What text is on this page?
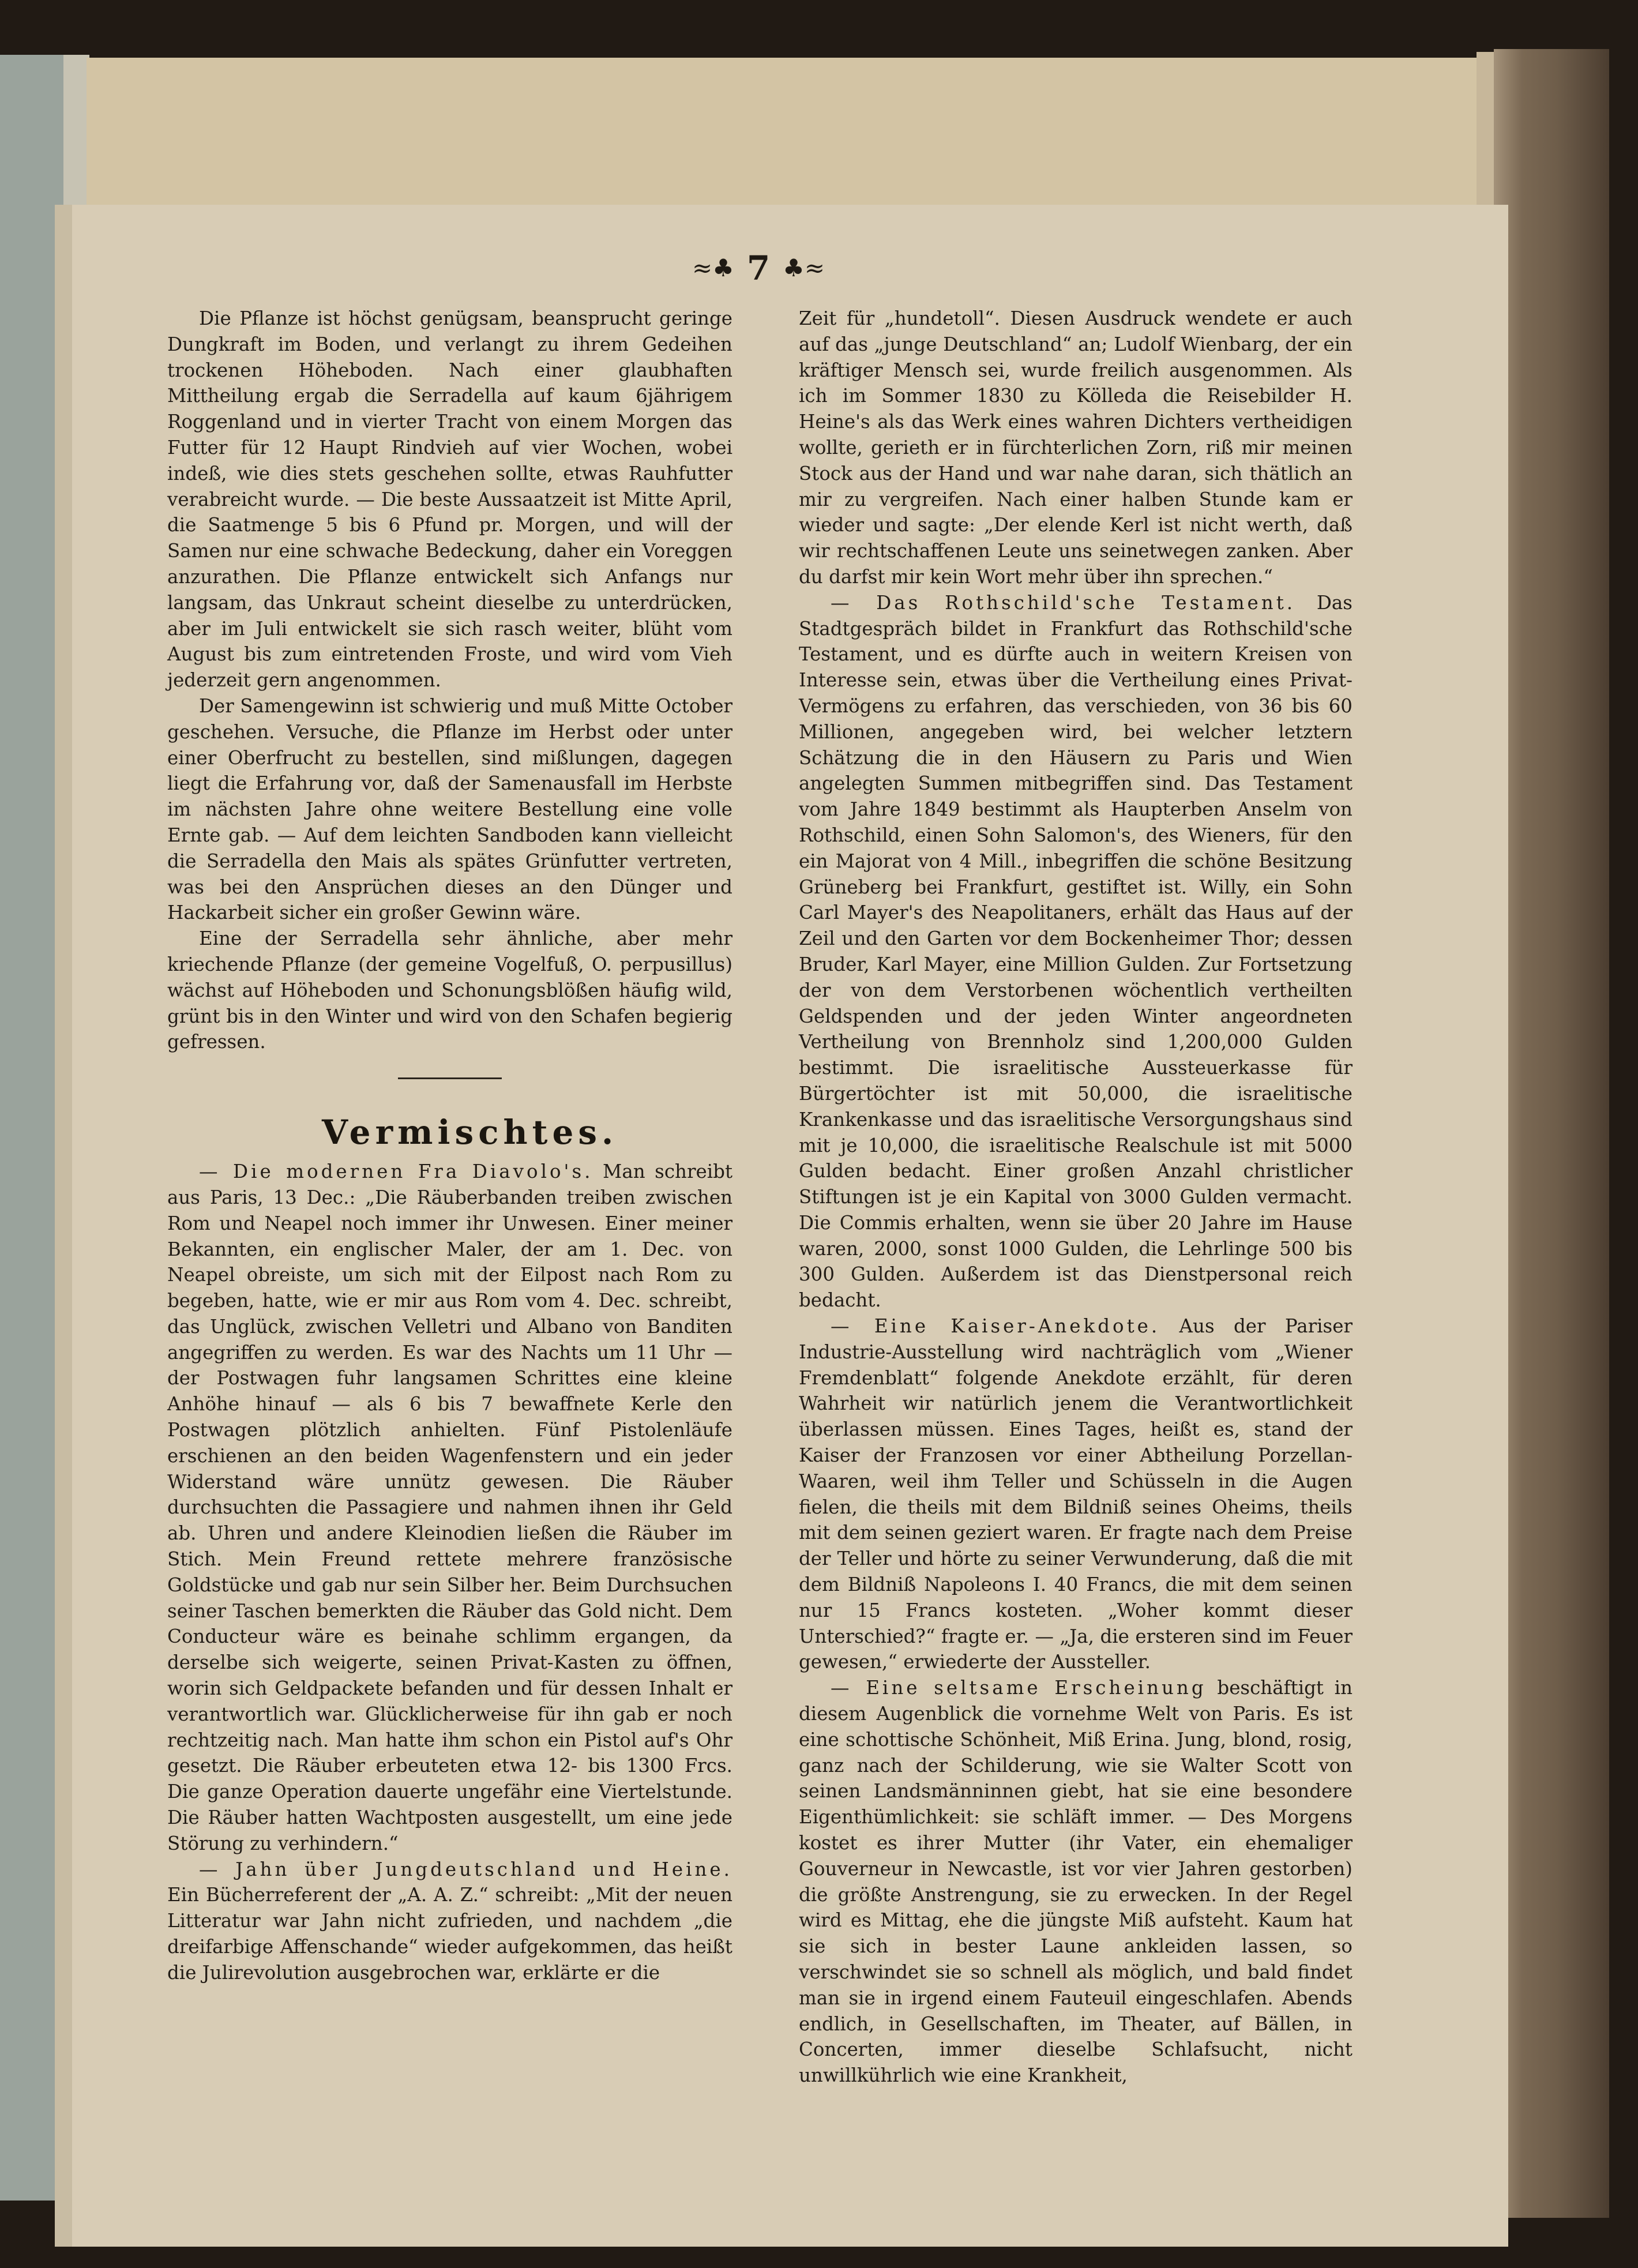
≈♣ 7 ♣≈

Die Pflanze ist höchst genügsam, beansprucht geringe Dungkraft im Boden, und verlangt zu ihrem Gedeihen trockenen Höheboden. Nach einer glaubhaften Mittheilung ergab die Serradella auf kaum 6jährigem Roggenland und in vierter Tracht von einem Morgen das Futter für 12 Haupt Rindvieh auf vier Wochen, wobei indeß, wie dies stets geschehen sollte, etwas Rauhfutter verabreicht wurde. — Die beste Aussaatzeit ist Mitte April, die Saatmenge 5 bis 6 Pfund pr. Morgen, und will der Samen nur eine schwache Bedeckung, daher ein Voreggen anzurathen. Die Pflanze entwickelt sich Anfangs nur langsam, das Unkraut scheint dieselbe zu unterdrücken, aber im Juli entwickelt sie sich rasch weiter, blüht vom August bis zum eintretenden Froste, und wird vom Vieh jederzeit gern angenommen.

Der Samengewinn ist schwierig und muß Mitte October geschehen. Versuche, die Pflanze im Herbst oder unter einer Oberfrucht zu bestellen, sind mißlungen, dagegen liegt die Erfahrung vor, daß der Samenausfall im Herbste im nächsten Jahre ohne weitere Bestellung eine volle Ernte gab. — Auf dem leichten Sandboden kann vielleicht die Serradella den Mais als spätes Grünfutter vertreten, was bei den Ansprüchen dieses an den Dünger und Hackarbeit sicher ein großer Gewinn wäre.

Eine der Serradella sehr ähnliche, aber mehr kriechende Pflanze (der gemeine Vogelfuß, O. perpusillus) wächst auf Höheboden und Schonungsblößen häufig wild, grünt bis in den Winter und wird von den Schafen begierig gefressen.

Vermischtes.

— Die modernen Fra Diavolo's. Man schreibt aus Paris, 13 Dec.: „Die Räuberbanden treiben zwischen Rom und Neapel noch immer ihr Unwesen. Einer meiner Bekannten, ein englischer Maler, der am 1. Dec. von Neapel obreiste, um sich mit der Eilpost nach Rom zu begeben, hatte, wie er mir aus Rom vom 4. Dec. schreibt, das Unglück, zwischen Velletri und Albano von Banditen angegriffen zu werden. Es war des Nachts um 11 Uhr — der Postwagen fuhr langsamen Schrittes eine kleine Anhöhe hinauf — als 6 bis 7 bewaffnete Kerle den Postwagen plötzlich anhielten. Fünf Pistolenläufe erschienen an den beiden Wagenfenstern und ein jeder Widerstand wäre unnütz gewesen. Die Räuber durchsuchten die Passagiere und nahmen ihnen ihr Geld ab. Uhren und andere Kleinodien ließen die Räuber im Stich. Mein Freund rettete mehrere französische Goldstücke und gab nur sein Silber her. Beim Durchsuchen seiner Taschen bemerkten die Räuber das Gold nicht. Dem Conducteur wäre es beinahe schlimm ergangen, da derselbe sich weigerte, seinen Privat-Kasten zu öffnen, worin sich Geldpackete befanden und für dessen Inhalt er verantwortlich war. Glücklicherweise für ihn gab er noch rechtzeitig nach. Man hatte ihm schon ein Pistol auf's Ohr gesetzt. Die Räuber erbeuteten etwa 12- bis 1300 Frcs. Die ganze Operation dauerte ungefähr eine Viertelstunde. Die Räuber hatten Wachtposten ausgestellt, um eine jede Störung zu verhindern.“

— Jahn über Jungdeutschland und Heine. Ein Bücherreferent der „A. A. Z.“ schreibt: „Mit der neuen Litteratur war Jahn nicht zufrieden, und nachdem „die dreifarbige Affenschande“ wieder aufgekommen, das heißt die Julirevolution ausgebrochen war, erklärte er die

Zeit für „hundetoll“. Diesen Ausdruck wendete er auch auf das „junge Deutschland“ an; Ludolf Wienbarg, der ein kräftiger Mensch sei, wurde freilich ausgenommen. Als ich im Sommer 1830 zu Kölleda die Reisebilder H. Heine's als das Werk eines wahren Dichters vertheidigen wollte, gerieth er in fürchterlichen Zorn, riß mir meinen Stock aus der Hand und war nahe daran, sich thätlich an mir zu vergreifen. Nach einer halben Stunde kam er wieder und sagte: „Der elende Kerl ist nicht werth, daß wir rechtschaffenen Leute uns seinetwegen zanken. Aber du darfst mir kein Wort mehr über ihn sprechen.“

— Das Rothschild'sche Testament. Das Stadtgespräch bildet in Frankfurt das Rothschild'sche Testament, und es dürfte auch in weitern Kreisen von Interesse sein, etwas über die Vertheilung eines Privat-Vermögens zu erfahren, das verschieden, von 36 bis 60 Millionen, angegeben wird, bei welcher letztern Schätzung die in den Häusern zu Paris und Wien angelegten Summen mitbegriffen sind. Das Testament vom Jahre 1849 bestimmt als Haupterben Anselm von Rothschild, einen Sohn Salomon's, des Wieners, für den ein Majorat von 4 Mill., inbegriffen die schöne Besitzung Grüneberg bei Frankfurt, gestiftet ist. Willy, ein Sohn Carl Mayer's des Neapolitaners, erhält das Haus auf der Zeil und den Garten vor dem Bockenheimer Thor; dessen Bruder, Karl Mayer, eine Million Gulden. Zur Fortsetzung der von dem Verstorbenen wöchentlich vertheilten Geldspenden und der jeden Winter angeordneten Vertheilung von Brennholz sind 1,200,000 Gulden bestimmt. Die israelitische Aussteuerkasse für Bürgertöchter ist mit 50,000, die israelitische Krankenkasse und das israelitische Versorgungshaus sind mit je 10,000, die israelitische Realschule ist mit 5000 Gulden bedacht. Einer großen Anzahl christlicher Stiftungen ist je ein Kapital von 3000 Gulden vermacht. Die Commis erhalten, wenn sie über 20 Jahre im Hause waren, 2000, sonst 1000 Gulden, die Lehrlinge 500 bis 300 Gulden. Außerdem ist das Dienstpersonal reich bedacht.

— Eine Kaiser-Anekdote. Aus der Pariser Industrie-Ausstellung wird nachträglich vom „Wiener Fremdenblatt“ folgende Anekdote erzählt, für deren Wahrheit wir natürlich jenem die Verantwortlichkeit überlassen müssen. Eines Tages, heißt es, stand der Kaiser der Franzosen vor einer Abtheilung Porzellan-Waaren, weil ihm Teller und Schüsseln in die Augen fielen, die theils mit dem Bildniß seines Oheims, theils mit dem seinen geziert waren. Er fragte nach dem Preise der Teller und hörte zu seiner Verwunderung, daß die mit dem Bildniß Napoleons I. 40 Francs, die mit dem seinen nur 15 Francs kosteten. „Woher kommt dieser Unterschied?“ fragte er. — „Ja, die ersteren sind im Feuer gewesen,“ erwiederte der Aussteller.

— Eine seltsame Erscheinung beschäftigt in diesem Augenblick die vornehme Welt von Paris. Es ist eine schottische Schönheit, Miß Erina. Jung, blond, rosig, ganz nach der Schilderung, wie sie Walter Scott von seinen Landsmänninnen giebt, hat sie eine besondere Eigenthümlichkeit: sie schläft immer. — Des Morgens kostet es ihrer Mutter (ihr Vater, ein ehemaliger Gouverneur in Newcastle, ist vor vier Jahren gestorben) die größte Anstrengung, sie zu erwecken. In der Regel wird es Mittag, ehe die jüngste Miß aufsteht. Kaum hat sie sich in bester Laune ankleiden lassen, so verschwindet sie so schnell als möglich, und bald findet man sie in irgend einem Fauteuil eingeschlafen. Abends endlich, in Gesellschaften, im Theater, auf Bällen, in Concerten, immer dieselbe Schlafsucht, nicht unwillkührlich wie eine Krankheit,
